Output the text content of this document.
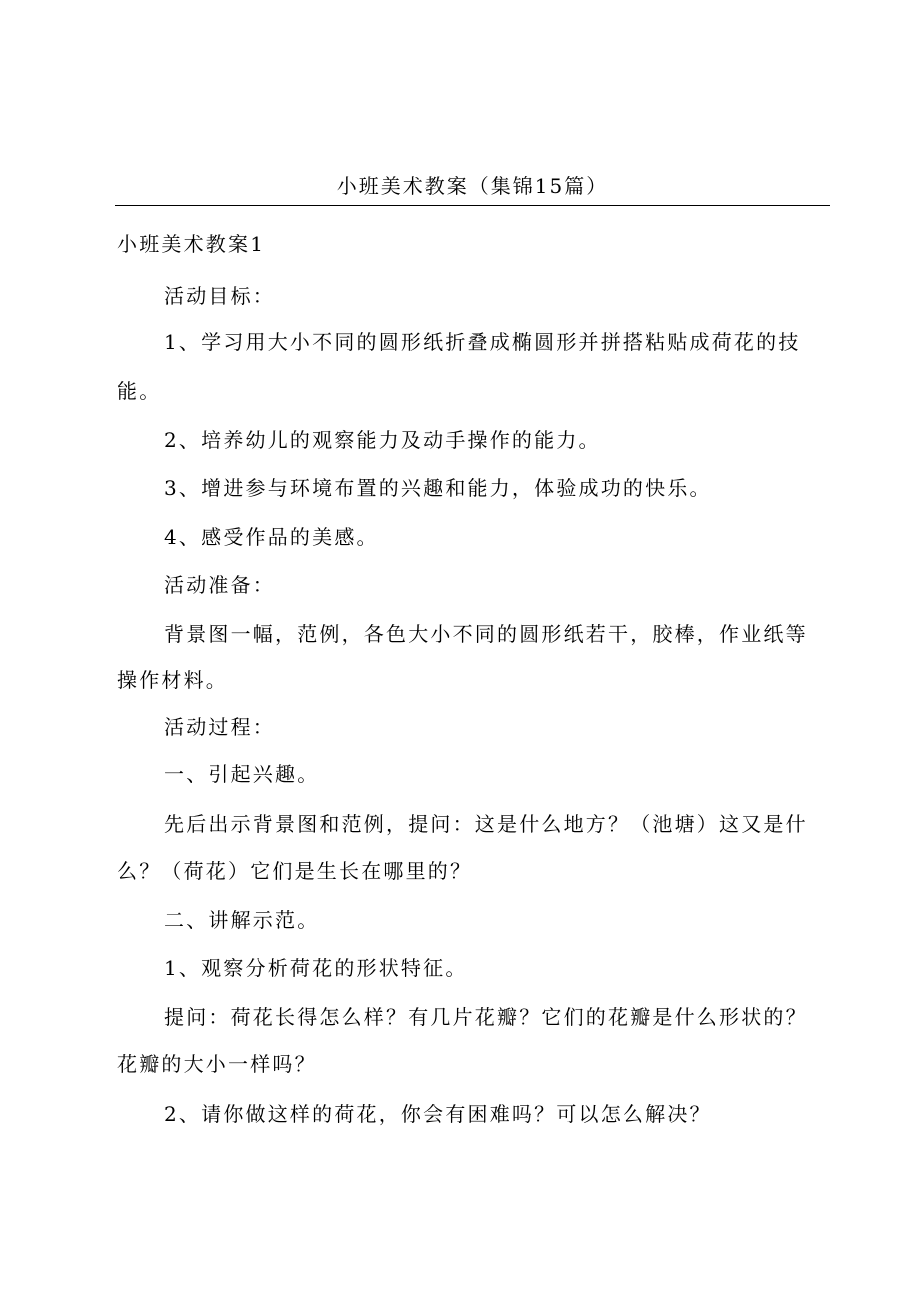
小班美术教案（集锦15篇）
小班美术教案1
活动目标：
1、学习用大小不同的圆形纸折叠成椭圆形并拼搭粘贴成荷花的技
能。
2、培养幼儿的观察能力及动手操作的能力。
3、增进参与环境布置的兴趣和能力，体验成功的快乐。
4、感受作品的美感。
活动准备：
背景图一幅，范例，各色大小不同的圆形纸若干，胶棒，作业纸等
操作材料。
活动过程：
一、引起兴趣。
先后出示背景图和范例，提问：这是什么地方？（池塘）这又是什
么？（荷花）它们是生长在哪里的？
二、讲解示范。
1、观察分析荷花的形状特征。
提问：荷花长得怎么样？有几片花瓣？它们的花瓣是什么形状的？
花瓣的大小一样吗？
2、请你做这样的荷花，你会有困难吗？可以怎么解决？
